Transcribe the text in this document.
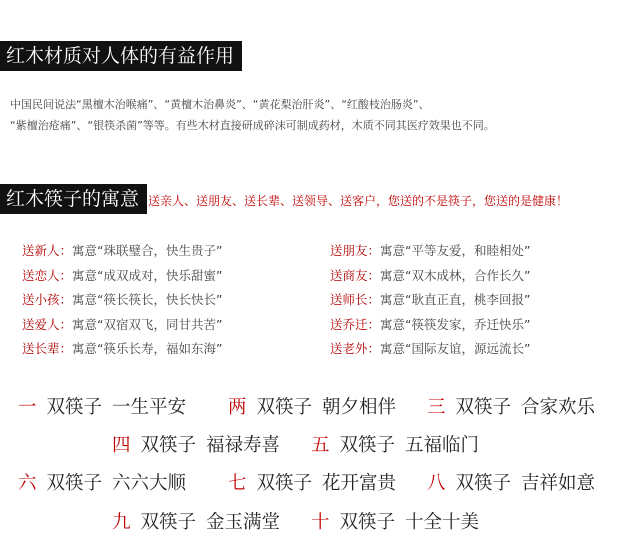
红木材质对人体的有益作用
中国民间说法“黑檀木治喉痛”、“黄檀木治鼻炎”、“黄花梨治肝炎”、“红酸枝治肠炎”、
“紫檀治疮痛”、“银筷杀菌”等等。有些木材直接研成碎沫可制成药材，木质不同其医疗效果也不同。
红木筷子的寓意 送亲人、送朋友、送长辈、送领导、送客户，您送的不是筷子，您送的是健康！
送新人：寓意“珠联璧合，快生贵子”
送恋人：寓意“成双成对，快乐甜蜜”
送小孩：寓意“筷长筷长，快长快长”
送爱人：寓意“双宿双飞，同甘共苦”
送长辈：寓意“筷乐长寿，福如东海”
送朋友：寓意“平等友爱，和睦相处”
送商友：寓意“双木成林，合作长久”
送师长：寓意“耿直正直，桃李回报”
送乔迁：寓意“筷筷发家，乔迁快乐”
送老外：寓意“国际友谊，源远流长”
一 双筷子 一生平安 两 双筷子 朝夕相伴 三 双筷子 合家欢乐
四 双筷子 福禄寿喜 五 双筷子 五福临门
六 双筷子 六六大顺 七 双筷子 花开富贵 八 双筷子 吉祥如意
九 双筷子 金玉满堂 十 双筷子 十全十美
